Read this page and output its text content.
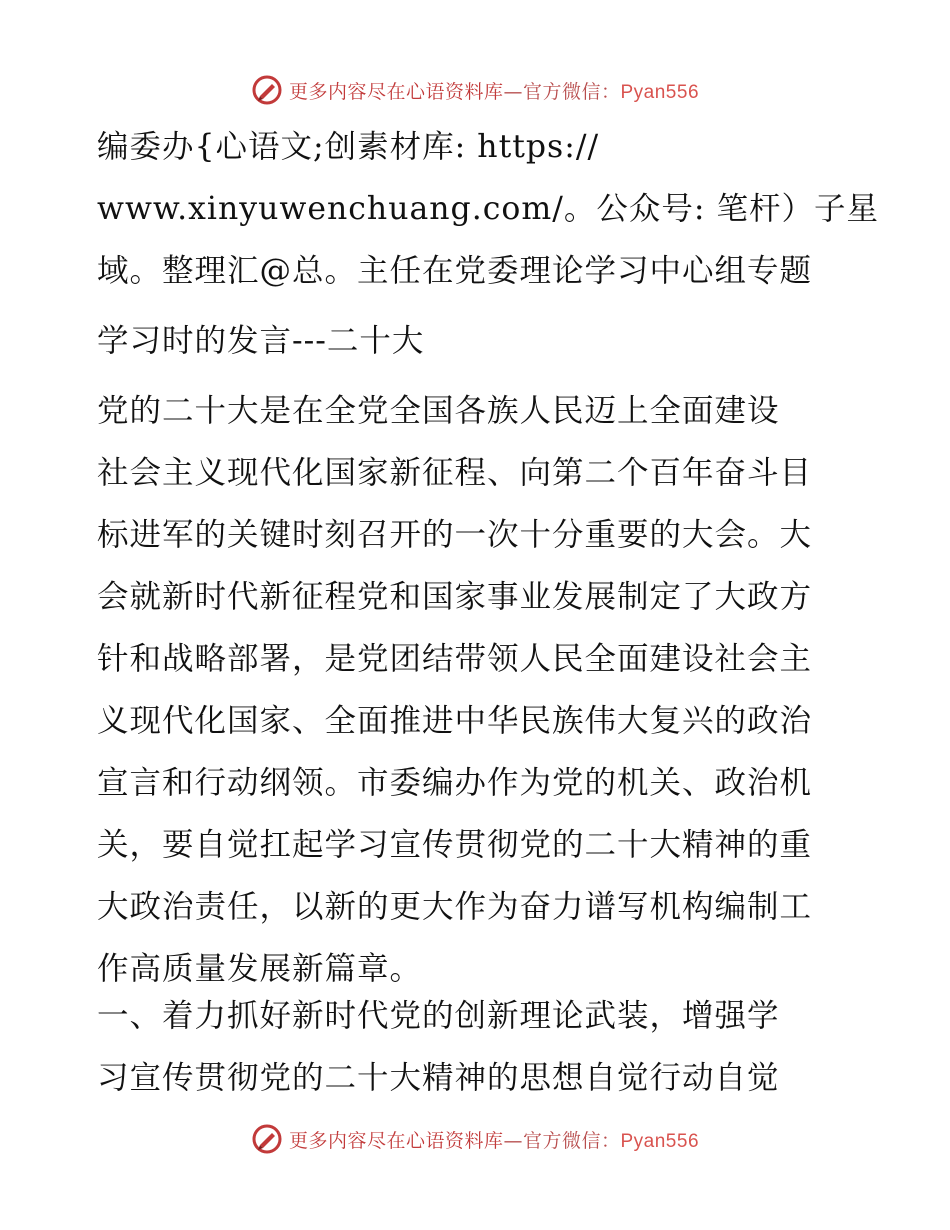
更多内容尽在心语资料库—官方微信：Pyan556
编委办{心语文;创素材库: https://
www.xinyuwenchuang.com/。公众号: 笔杆）子星
域。整理汇@总。主任在党委理论学习中心组专题
学习时的发言---二十大
党的二十大是在全党全国各族人民迈上全面建设
社会主义现代化国家新征程、向第二个百年奋斗目
标进军的关键时刻召开的一次十分重要的大会。大
会就新时代新征程党和国家事业发展制定了大政方
针和战略部署，是党团结带领人民全面建设社会主
义现代化国家、全面推进中华民族伟大复兴的政治
宣言和行动纲领。市委编办作为党的机关、政治机
关，要自觉扛起学习宣传贯彻党的二十大精神的重
大政治责任，以新的更大作为奋力谱写机构编制工
作高质量发展新篇章。
一、着力抓好新时代党的创新理论武装，增强学
习宣传贯彻党的二十大精神的思想自觉行动自觉
更多内容尽在心语资料库—官方微信：Pyan556
